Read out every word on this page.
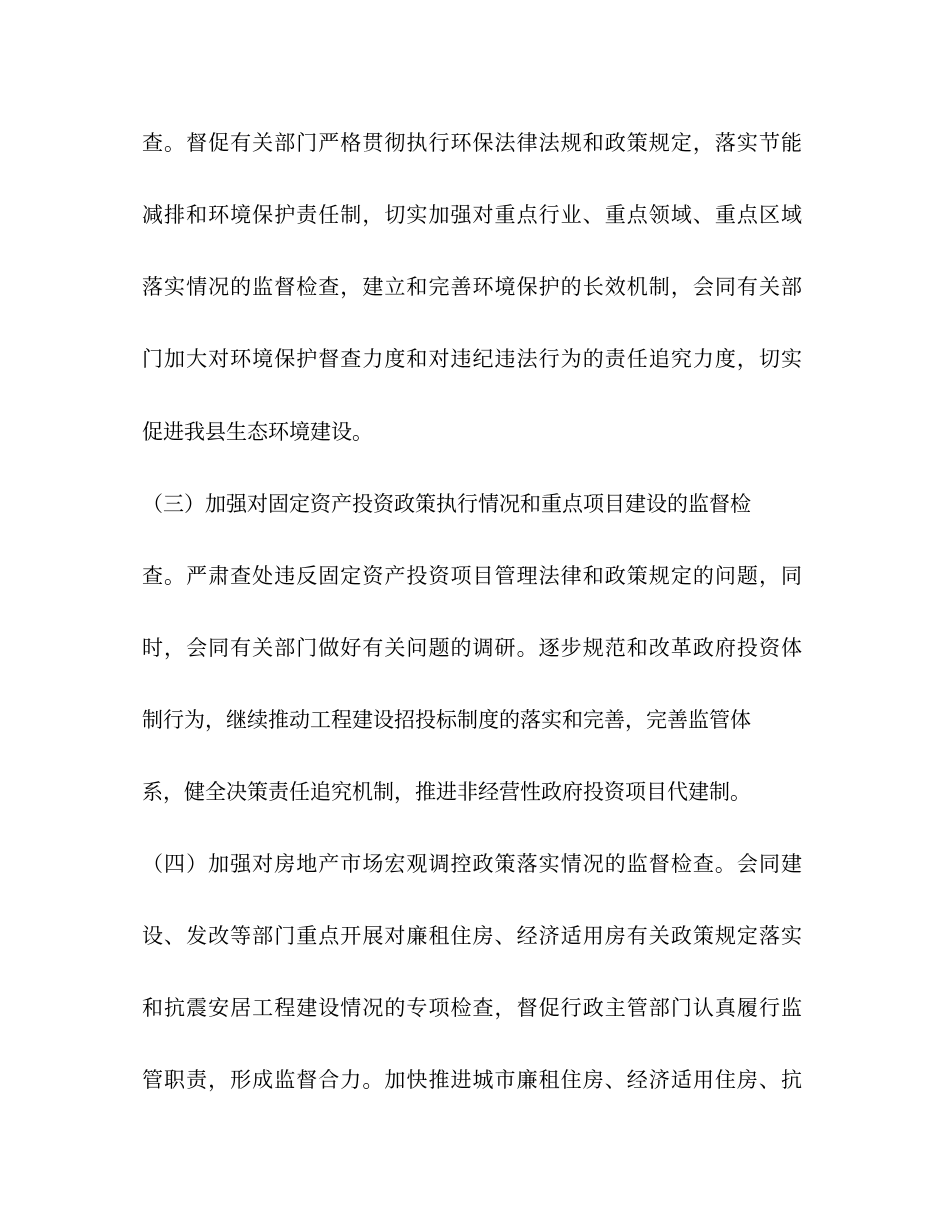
查。督促有关部门严格贯彻执行环保法律法规和政策规定，落实节能
减排和环境保护责任制，切实加强对重点行业、重点领域、重点区域
落实情况的监督检查，建立和完善环境保护的长效机制，会同有关部
门加大对环境保护督查力度和对违纪违法行为的责任追究力度，切实
促进我县生态环境建设。
（三）加强对固定资产投资政策执行情况和重点项目建设的监督检
查。严肃查处违反固定资产投资项目管理法律和政策规定的问题，同
时，会同有关部门做好有关问题的调研。逐步规范和改革政府投资体
制行为，继续推动工程建设招投标制度的落实和完善，完善监管体
系，健全决策责任追究机制，推进非经营性政府投资项目代建制。
（四）加强对房地产市场宏观调控政策落实情况的监督检查。会同建
设、发改等部门重点开展对廉租住房、经济适用房有关政策规定落实
和抗震安居工程建设情况的专项检查，督促行政主管部门认真履行监
管职责，形成监督合力。加快推进城市廉租住房、经济适用住房、抗
